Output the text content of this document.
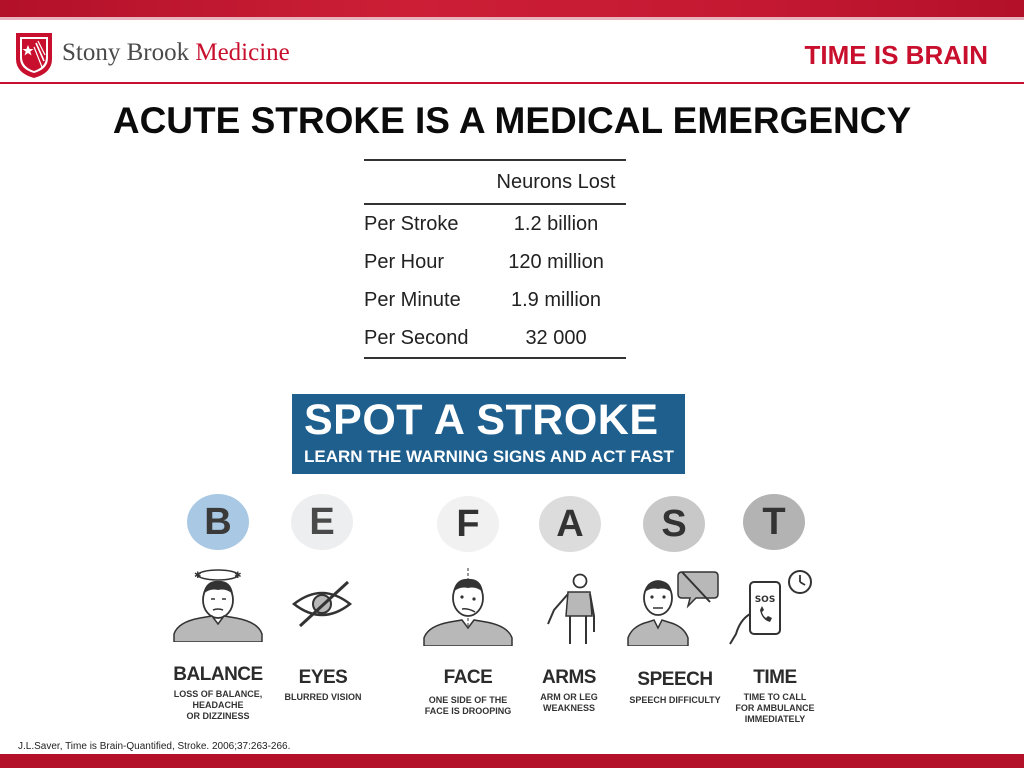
Stony Brook Medicine	TIME IS BRAIN
ACUTE STROKE IS A MEDICAL EMERGENCY
	Neurons Lost
Per Stroke	1.2 billion
Per Hour	120 million
Per Minute	1.9 million
Per Second	32 000
SPOT A STROKE
LEARN THE WARNING SIGNS AND ACT FAST
B	E	F	A	S	T
✱	✱
SOS
BALANCE
LOSS OF BALANCE,
HEADACHE
OR DIZZINESS
EYES
BLURRED VISION
FACE
ONE SIDE OF THE
FACE IS DROOPING
ARMS
ARM OR LEG
WEAKNESS
SPEECH
SPEECH DIFFICULTY
TIME
TIME TO CALL
FOR AMBULANCE
IMMEDIATELY
J.L.Saver, Time is Brain-Quantified, Stroke. 2006;37:263-266.
